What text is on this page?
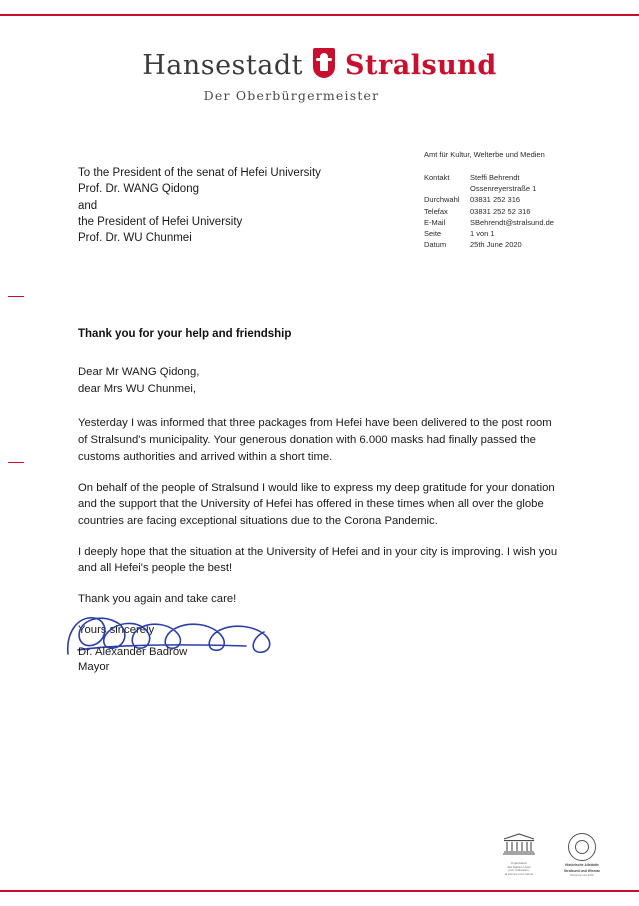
Hansestadt Stralsund
Der Oberbürgermeister
Amt für Kultur, Welterbe und Medien
Kontakt	Steffi Behrendt
	Ossenreyerstraße 1
Durchwahl	03831 252 316
Telefax	03831 252 52 316
E-Mail	SBehrendt@stralsund.de
Seite	1 von 1
Datum	25th June 2020
To the President of the senat of Hefei University
Prof. Dr. WANG Qidong
and
the President of Hefei University
Prof. Dr. WU Chunmei
Thank you for your help and friendship

Dear Mr WANG Qidong,
dear Mrs WU Chunmei,

Yesterday I was informed that three packages from Hefei have been delivered to the post room of Stralsund's municipality. Your generous donation with 6.000 masks had finally passed the customs authorities and arrived within a short time.

On behalf of the people of Stralsund I would like to express my deep gratitude for your donation and the support that the University of Hefei has offered in these times when all over the globe countries are facing exceptional situations due to the Corona Pandemic.

I deeply hope that the situation at the University of Hefei and in your city is improving. I wish you and all Hefei's people the best!

Thank you again and take care!

Yours sincerely

Dr. Alexander Badrow
Mayor
Organisation
des Nations Unies
pour l'éducation,
la science et la culture
Historische Altstädte
Stralsund und Wismar
Welterbe seit 2002
